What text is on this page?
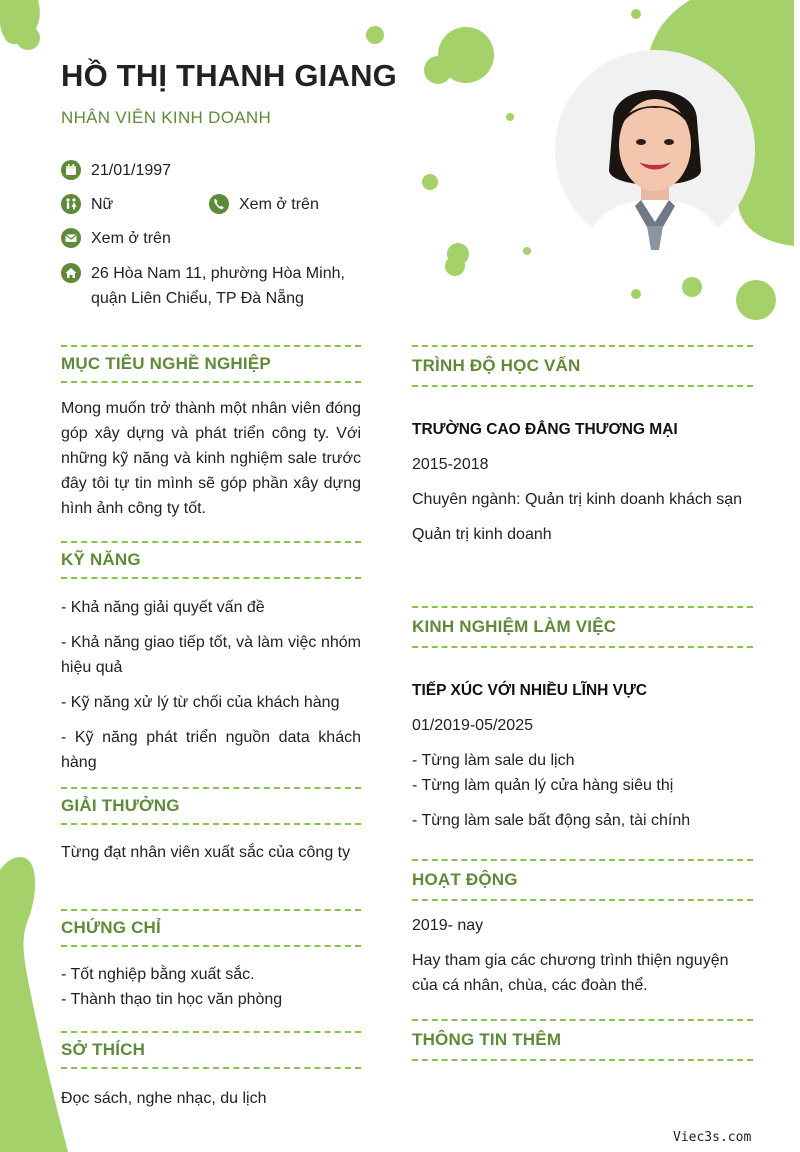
HỒ THỊ THANH GIANG
NHÂN VIÊN KINH DOANH
21/01/1997
Nữ	Xem ở trên
Xem ở trên
26 Hòa Nam 11, phường Hòa Minh,
quận Liên Chiểu, TP Đà Nẵng
MỤC TIÊU NGHỀ NGHIỆP
Mong muốn trở thành một nhân viên đóng góp xây dựng và phát triển công ty. Với những kỹ năng và kinh nghiệm sale trước đây tôi tự tin mình sẽ góp phần xây dựng hình ảnh công ty tốt.
KỸ NĂNG
- Khả năng giải quyết vấn đề
- Khả năng giao tiếp tốt, và làm việc nhóm hiệu quả
- Kỹ năng xử lý từ chối của khách hàng
- Kỹ năng phát triển nguồn data khách hàng
GIẢI THƯỞNG
Từng đạt nhân viên xuất sắc của công ty
CHỨNG CHỈ
- Tốt nghiệp bằng xuất sắc.
- Thành thạo tin học văn phòng
SỞ THÍCH
Đọc sách, nghe nhạc, du lịch
TRÌNH ĐỘ HỌC VẤN
TRƯỜNG CAO ĐẲNG THƯƠNG MẠI
2015-2018
Chuyên ngành: Quản trị kinh doanh khách sạn
Quản trị kinh doanh
KINH NGHIỆM LÀM VIỆC
TIẾP XÚC VỚI NHIỀU LĨNH VỰC
01/2019-05/2025
- Từng làm sale du lịch
- Từng làm quản lý cửa hàng siêu thị
- Từng làm sale bất động sản, tài chính
HOẠT ĐỘNG
2019- nay
Hay tham gia các chương trình thiện nguyện của cá nhân, chùa, các đoàn thể.
THÔNG TIN THÊM
Viec3s.com
